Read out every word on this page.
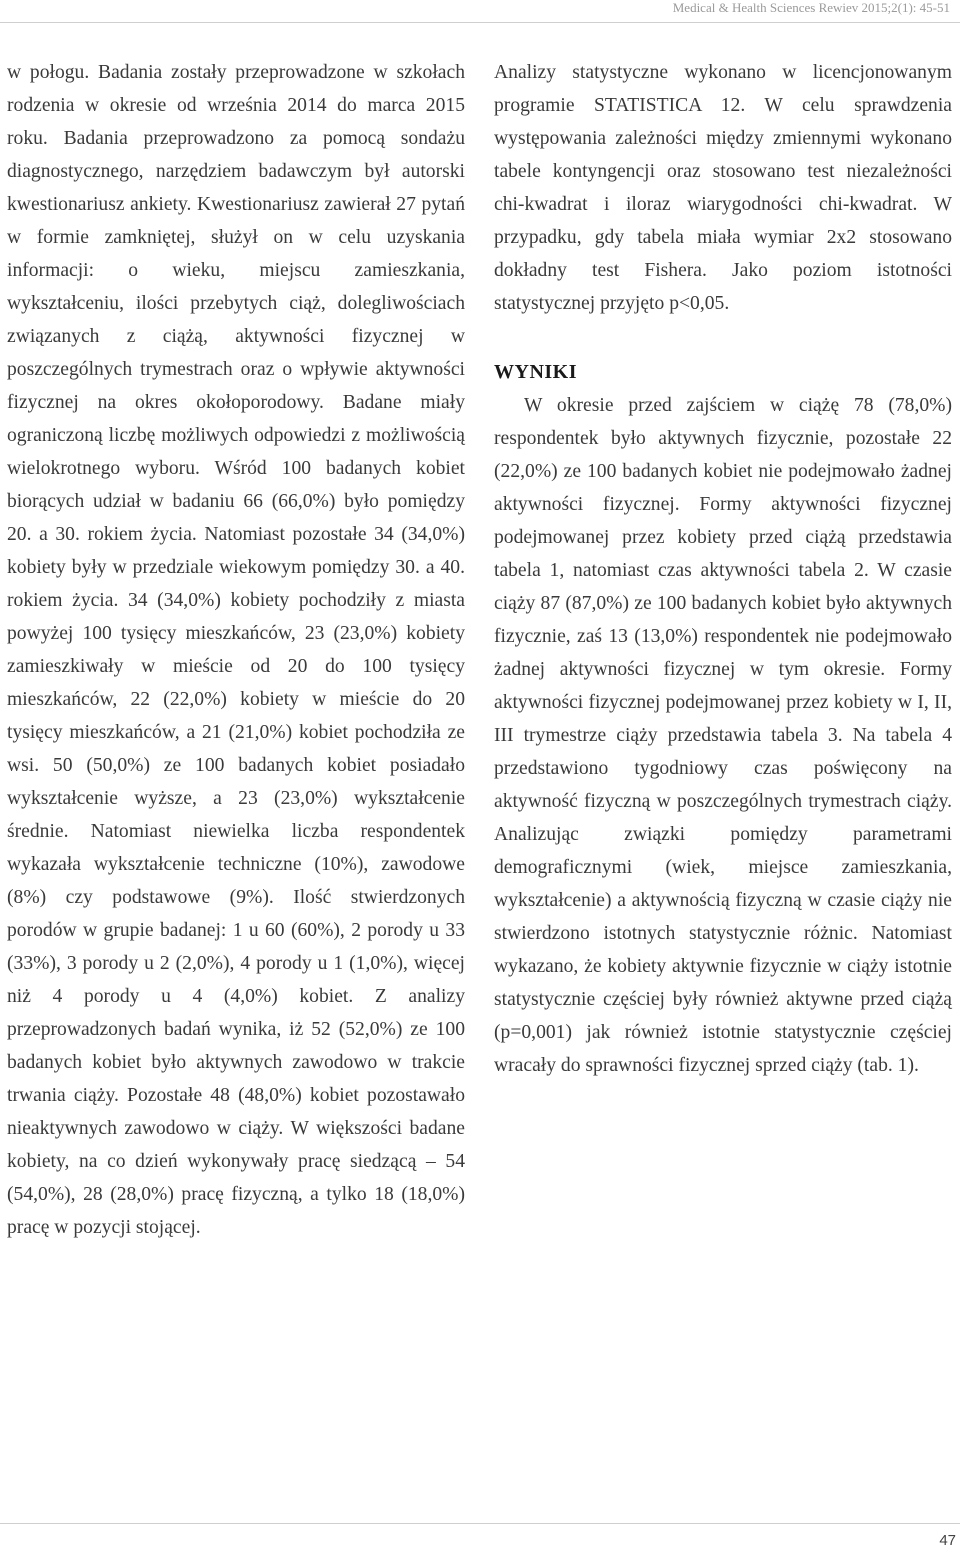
Medical & Health Sciences Rewiev 2015;2(1): 45-51

w połogu. Badania zostały przeprowadzone w szkołach rodzenia w okresie od września 2014 do marca 2015 roku. Badania przeprowadzono za pomocą sondażu diagnostycznego, narzędziem badawczym był autorski kwestionariusz ankiety. Kwestionariusz zawierał 27 pytań w formie zamkniętej, służył on w celu uzyskania informacji: o wieku, miejscu zamieszkania, wykształceniu, ilości przebytych ciąż, dolegliwościach związanych z ciążą, aktywności fizycznej w poszczególnych trymestrach oraz o wpływie aktywności fizycznej na okres okołoporodowy. Badane miały ograniczoną liczbę możliwych odpowiedzi z możliwością wielokrotnego wyboru. Wśród 100 badanych kobiet biorących udział w badaniu 66 (66,0%) było pomiędzy 20. a 30. rokiem życia. Natomiast pozostałe 34 (34,0%) kobiety były w przedziale wiekowym pomiędzy 30. a 40. rokiem życia. 34 (34,0%) kobiety pochodziły z miasta powyżej 100 tysięcy mieszkańców, 23 (23,0%) kobiety zamieszkiwały w mieście od 20 do 100 tysięcy mieszkańców, 22 (22,0%) kobiety w mieście do 20 tysięcy mieszkańców, a 21 (21,0%) kobiet pochodziła ze wsi. 50 (50,0%) ze 100 badanych kobiet posiadało wykształcenie wyższe, a 23 (23,0%) wykształcenie średnie. Natomiast niewielka liczba respondentek wykazała wykształcenie techniczne (10%), zawodowe (8%) czy podstawowe (9%). Ilość stwierdzonych porodów w grupie badanej: 1 u 60 (60%), 2 porody u 33 (33%), 3 porody u 2 (2,0%), 4 porody u 1 (1,0%), więcej niż 4 porody u 4 (4,0%) kobiet. Z analizy przeprowadzonych badań wynika, iż 52 (52,0%) ze 100 badanych kobiet było aktywnych zawodowo w trakcie trwania ciąży. Pozostałe 48 (48,0%) kobiet pozostawało nieaktywnych zawodowo w ciąży. W większości badane kobiety, na co dzień wykonywały pracę siedzącą – 54 (54,0%), 28 (28,0%) pracę fizyczną, a tylko 18 (18,0%) pracę w pozycji stojącej.

Analizy statystyczne wykonano w licencjonowanym programie STATISTICA 12. W celu sprawdzenia występowania zależności między zmiennymi wykonano tabele kontyngencji oraz stosowano test niezależności chi-kwadrat i iloraz wiarygodności chi-kwadrat. W przypadku, gdy tabela miała wymiar 2x2 stosowano dokładny test Fishera. Jako poziom istotności statystycznej przyjęto p<0,05.

WYNIKI

W okresie przed zajściem w ciążę 78 (78,0%) respondentek było aktywnych fizycznie, pozostałe 22 (22,0%) ze 100 badanych kobiet nie podejmowało żadnej aktywności fizycznej. Formy aktywności fizycznej podejmowanej przez kobiety przed ciążą przedstawia tabela 1, natomiast czas aktywności tabela 2. W czasie ciąży 87 (87,0%) ze 100 badanych kobiet było aktywnych fizycznie, zaś 13 (13,0%) respondentek nie podejmowało żadnej aktywności fizycznej w tym okresie. Formy aktywności fizycznej podejmowanej przez kobiety w I, II, III trymestrze ciąży przedstawia tabela 3. Na tabela 4 przedstawiono tygodniowy czas poświęcony na aktywność fizyczną w poszczególnych trymestrach ciąży. Analizując związki pomiędzy parametrami demograficznymi (wiek, miejsce zamieszkania, wykształcenie) a aktywnością fizyczną w czasie ciąży nie stwierdzono istotnych statystycznie różnic. Natomiast wykazano, że kobiety aktywnie fizycznie w ciąży istotnie statystycznie częściej były również aktywne przed ciążą (p=0,001) jak również istotnie statystycznie częściej wracały do sprawności fizycznej sprzed ciąży (tab. 1).

47
